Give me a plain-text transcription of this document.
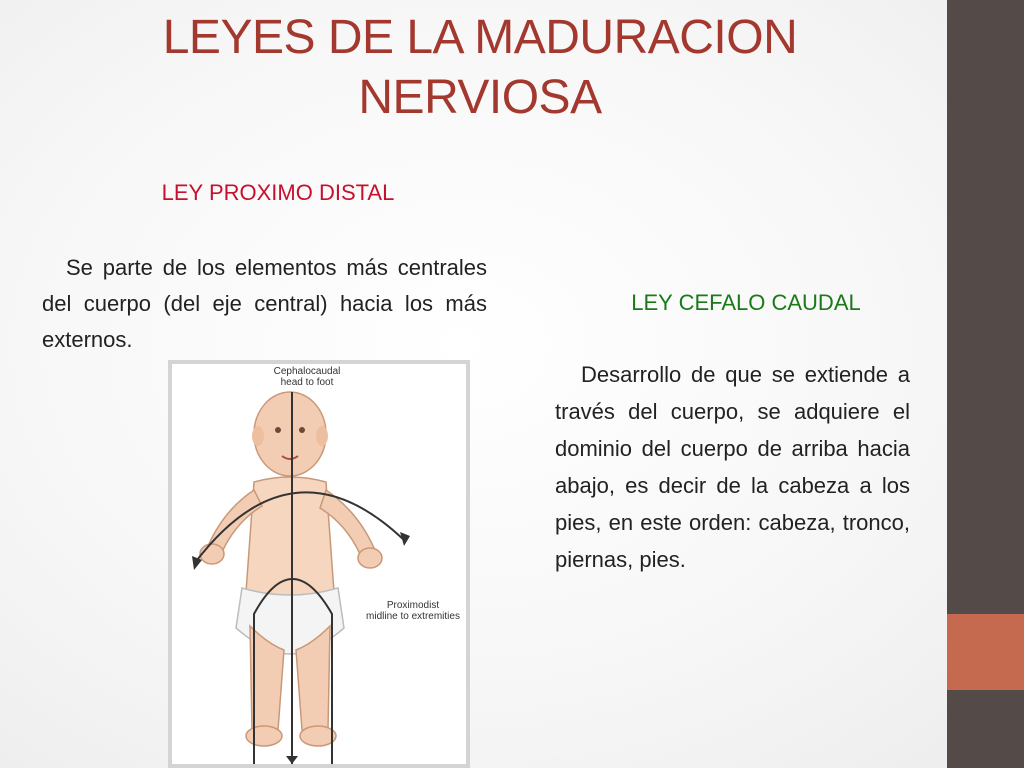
LEYES DE LA MADURACION
NERVIOSA
LEY PROXIMO DISTAL

Se parte de los elementos más centrales del cuerpo (del eje central) hacia los más externos.

LEY CEFALO CAUDAL

Desarrollo de que se extiende a través del cuerpo, se adquiere el dominio del cuerpo de arriba hacia abajo, es decir de la cabeza a los pies, en este orden: cabeza, tronco, piernas, pies.

Cephalocaudal
head to foot
Proximodist
midline to extremities
